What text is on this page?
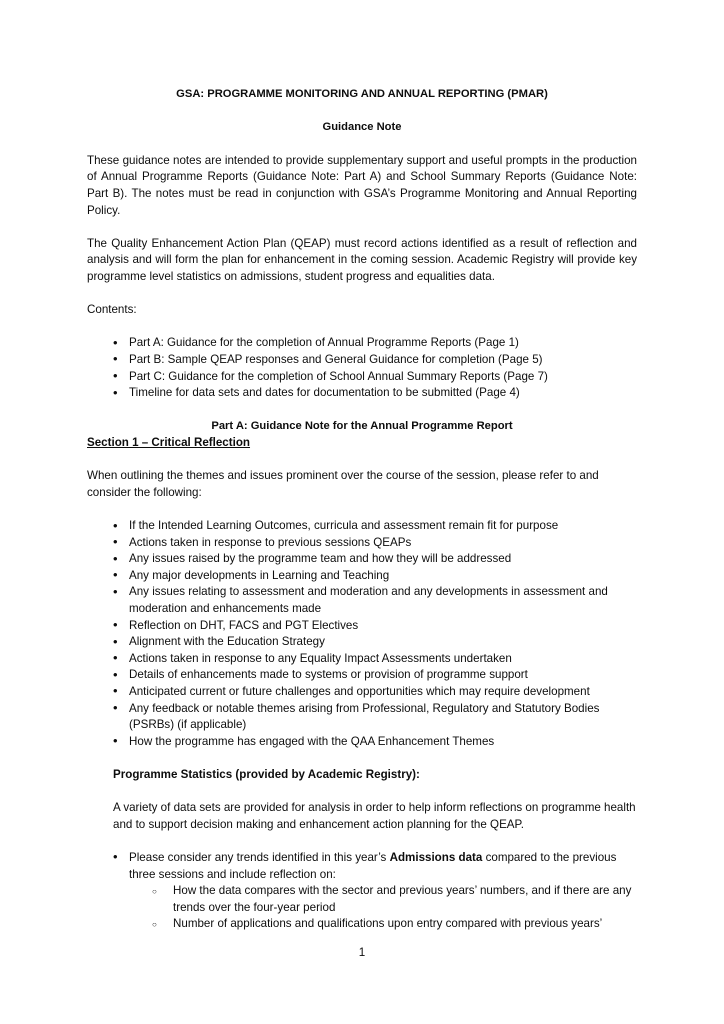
GSA: PROGRAMME MONITORING AND ANNUAL REPORTING (PMAR)
Guidance Note

These guidance notes are intended to provide supplementary support and useful prompts in the production of Annual Programme Reports (Guidance Note: Part A) and School Summary Reports (Guidance Note: Part B). The notes must be read in conjunction with GSA’s Programme Monitoring and Annual Reporting Policy.

The Quality Enhancement Action Plan (QEAP) must record actions identified as a result of reflection and analysis and will form the plan for enhancement in the coming session. Academic Registry will provide key programme level statistics on admissions, student progress and equalities data.

Contents:

• Part A: Guidance for the completion of Annual Programme Reports (Page 1)
• Part B: Sample QEAP responses and General Guidance for completion (Page 5)
• Part C: Guidance for the completion of School Annual Summary Reports (Page 7)
• Timeline for data sets and dates for documentation to be submitted (Page 4)
Part A: Guidance Note for the Annual Programme Report
Section 1 – Critical Reflection

When outlining the themes and issues prominent over the course of the session, please refer to and consider the following:

• If the Intended Learning Outcomes, curricula and assessment remain fit for purpose
• Actions taken in response to previous sessions QEAPs
• Any issues raised by the programme team and how they will be addressed
• Any major developments in Learning and Teaching
• Any issues relating to assessment and moderation and any developments in assessment and moderation and enhancements made
• Reflection on DHT, FACS and PGT Electives
• Alignment with the Education Strategy
• Actions taken in response to any Equality Impact Assessments undertaken
• Details of enhancements made to systems or provision of programme support
• Anticipated current or future challenges and opportunities which may require development
• Any feedback or notable themes arising from Professional, Regulatory and Statutory Bodies (PSRBs) (if applicable)
• How the programme has engaged with the QAA Enhancement Themes
Programme Statistics (provided by Academic Registry):

A variety of data sets are provided for analysis in order to help inform reflections on programme health and to support decision making and enhancement action planning for the QEAP.

• Please consider any trends identified in this year’s Admissions data compared to the previous three sessions and include reflection on:
○ How the data compares with the sector and previous years’ numbers, and if there are any trends over the four-year period
○ Number of applications and qualifications upon entry compared with previous years’
1
